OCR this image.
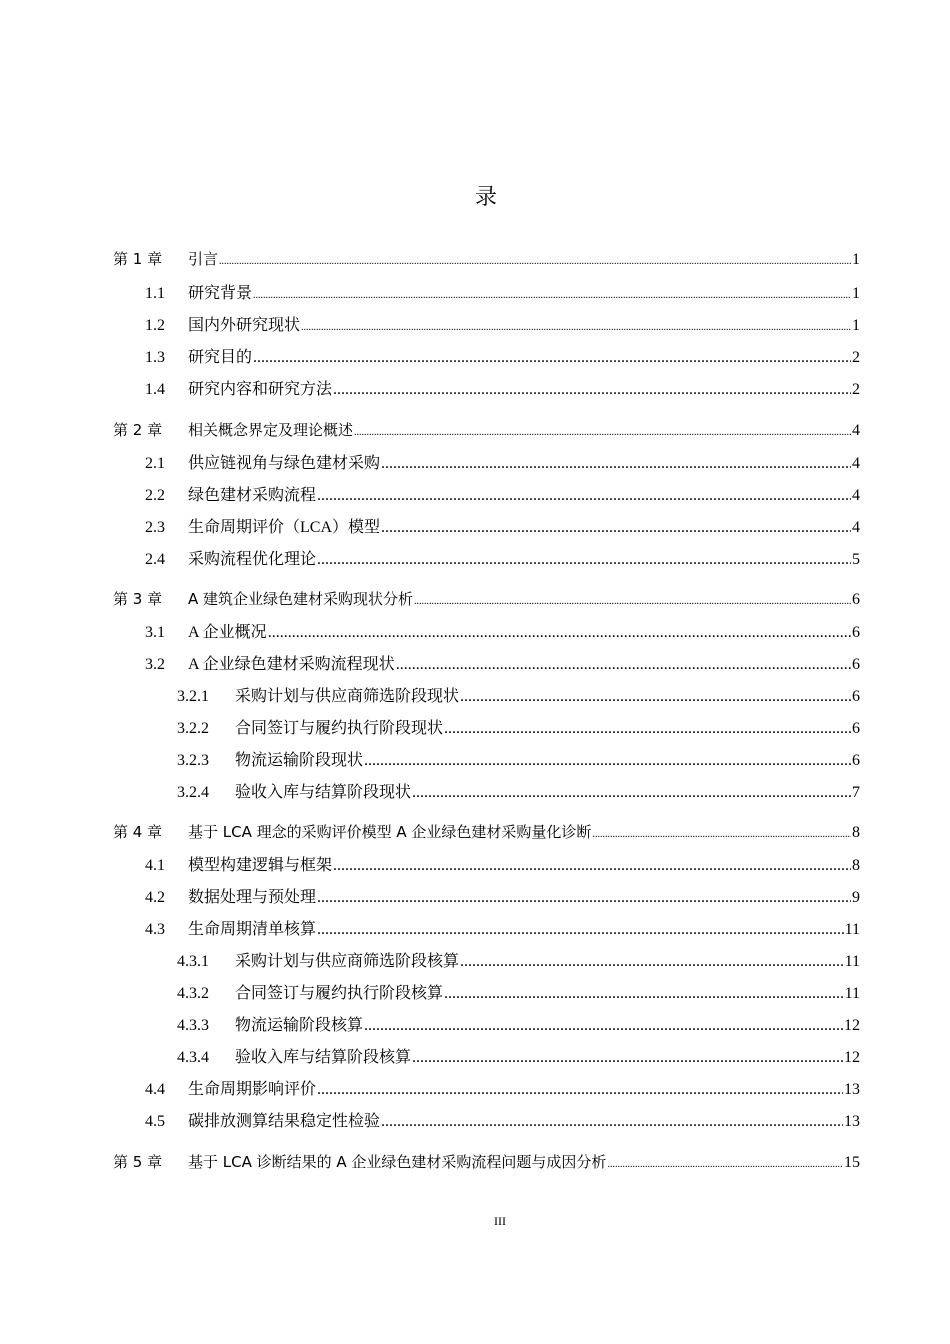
录
第 1 章	引言 .....	1
1.1	研究背景 .....	1
1.2	国内外研究现状 .....	1
1.3	研究目的 .....	2
1.4	研究内容和研究方法 .....	2
第 2 章	相关概念界定及理论概述 .....	4
2.1	供应链视角与绿色建材采购 .....	4
2.2	绿色建材采购流程 .....	4
2.3	生命周期评价（LCA）模型 .....	4
2.4	采购流程优化理论 .....	5
第 3 章	A 建筑企业绿色建材采购现状分析 .....	6
3.1	A 企业概况 .....	6
3.2	A 企业绿色建材采购流程现状 .....	6
3.2.1	采购计划与供应商筛选阶段现状 .....	6
3.2.2	合同签订与履约执行阶段现状 .....	6
3.2.3	物流运输阶段现状 .....	6
3.2.4	验收入库与结算阶段现状 .....	7
第 4 章	基于 LCA 理念的采购评价模型 A 企业绿色建材采购量化诊断 .....	8
4.1	模型构建逻辑与框架 .....	8
4.2	数据处理与预处理 .....	9
4.3	生命周期清单核算 .....	11
4.3.1	采购计划与供应商筛选阶段核算 .....	11
4.3.2	合同签订与履约执行阶段核算 .....	11
4.3.3	物流运输阶段核算 .....	12
4.3.4	验收入库与结算阶段核算 .....	12
4.4	生命周期影响评价 .....	13
4.5	碳排放测算结果稳定性检验 .....	13
第 5 章	基于 LCA 诊断结果的 A 企业绿色建材采购流程问题与成因分析 .....	15
III
